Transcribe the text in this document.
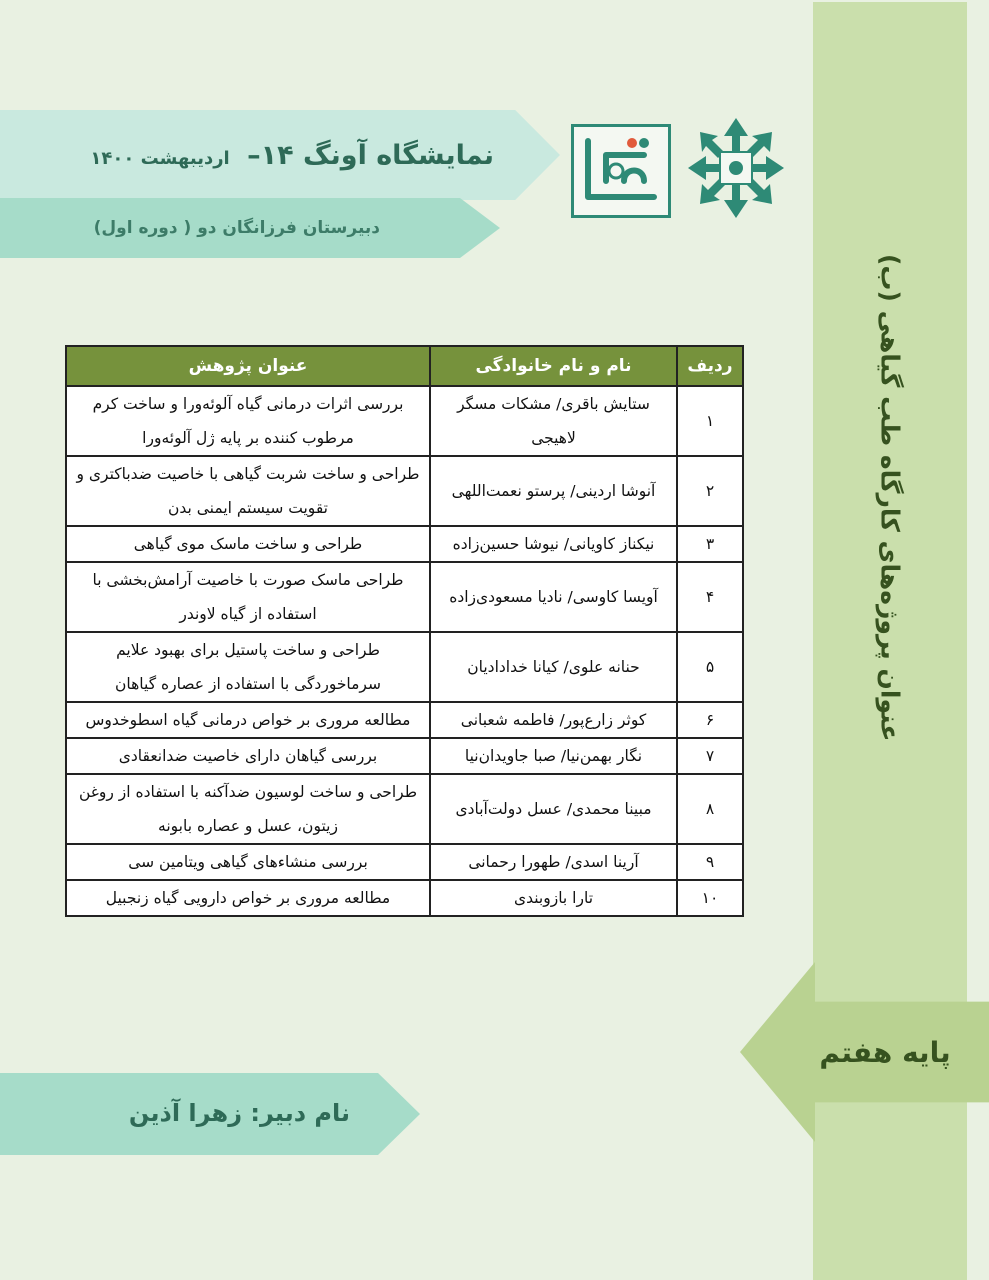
نمایشگاه آونگ ۱۴– اردیبهشت ۱۴۰۰
دبیرستان فرزانگان دو ( دوره اول)
عنوان پروژه‌های کارگاه طب گیاهی (ب)
پایه هفتم
ردیف	نام و نام خانوادگی	عنوان پژوهش
۱	ستایش باقری/ مشکات مسگر لاهیجی	بررسی اثرات درمانی گیاه آلوئه‌ورا و ساخت کرم مرطوب کننده بر پایه ژل آلوئه‌ورا
۲	آنوشا اردینی/ پرستو نعمت‌اللهی	طراحی و ساخت شربت گیاهی با خاصیت ضدباکتری و تقویت سیستم ایمنی بدن
۳	نیکناز کاویانی/ نیوشا حسین‌زاده	طراحی و ساخت ماسک موی گیاهی
۴	آویسا کاوسی/ نادیا مسعودی‌زاده	طراحی ماسک صورت با خاصیت آرامش‌بخشی با استفاده از گیاه لاوندر
۵	حنانه علوی/ کیانا خدادادیان	طراحی و ساخت پاستیل برای بهبود علایم سرماخوردگی با استفاده از عصاره گیاهان
۶	کوثر زارع‌پور/ فاطمه شعبانی	مطالعه مروری بر خواص درمانی گیاه اسطوخدوس
۷	نگار بهمن‌نیا/ صبا جاویدان‌نیا	بررسی گیاهان دارای خاصیت ضدانعقادی
۸	مبینا محمدی/ عسل دولت‌آبادی	طراحی و ساخت لوسیون ضدآکنه با استفاده از روغن زیتون، عسل و عصاره بابونه
۹	آرینا اسدی/ طهورا رحمانی	بررسی منشاءهای گیاهی ویتامین سی
۱۰	تارا بازوبندی	مطالعه مروری بر خواص دارویی گیاه زنجبیل
نام دبیر: زهرا آذین
